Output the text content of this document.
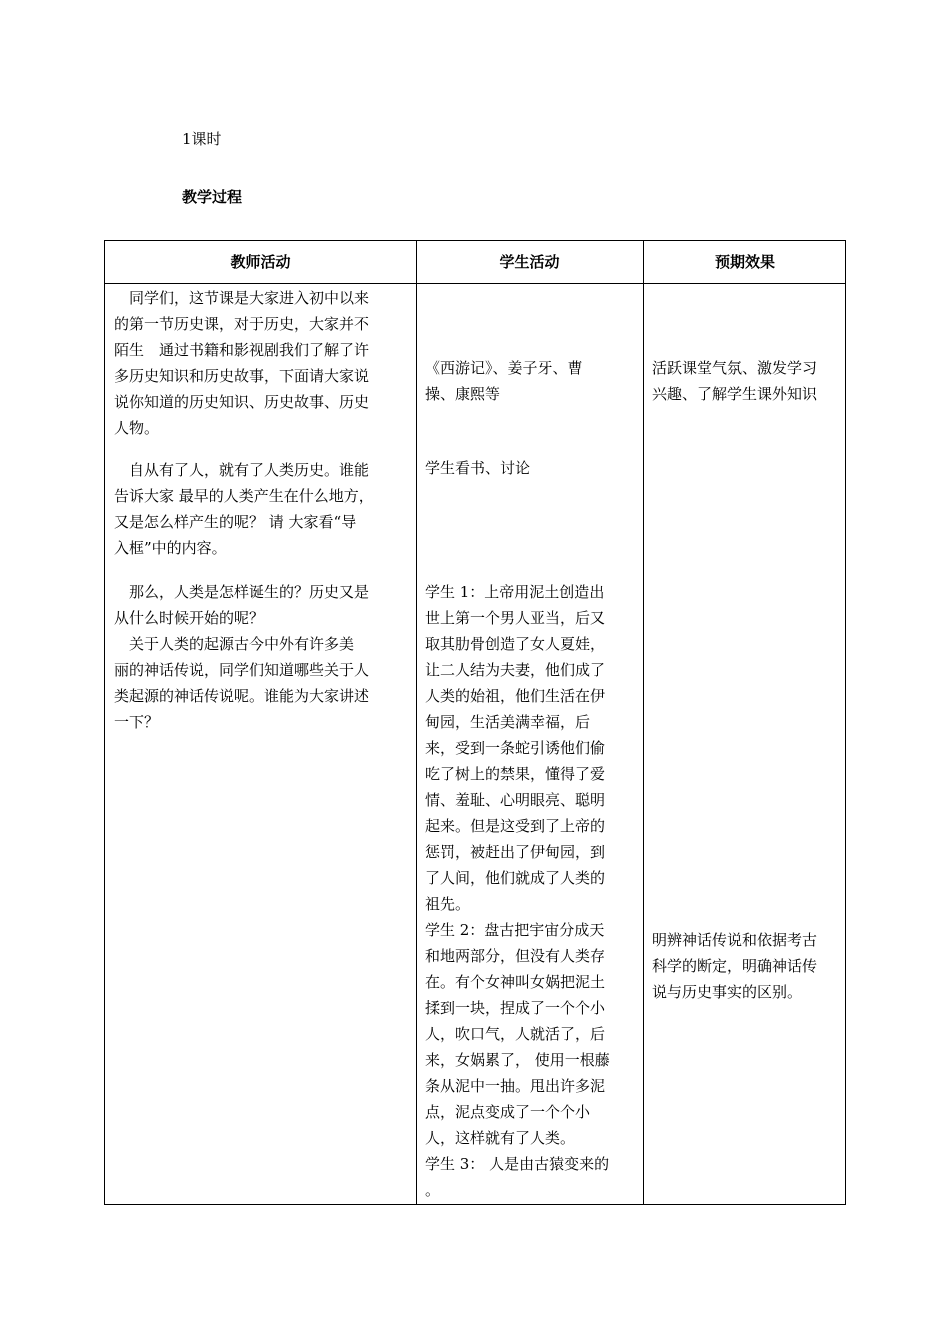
1课时
教学过程
教师活动	学生活动	预期效果
　同学们，这节课是大家进入初中以来
的第一节历史课，对于历史，大家并不
陌生　通过书籍和影视剧我们了解了许
多历史知识和历史故事，下面请大家说
说你知道的历史知识、历史故事、历史
人物。
　自从有了人，就有了人类历史。谁能
告诉大家 最早的人类产生在什么地方，
又是怎么样产生的呢？ 请 大家看“导
入框”中的内容。
　那么，人类是怎样诞生的？历史又是
从什么时候开始的呢？
　关于人类的起源古今中外有许多美
丽的神话传说，同学们知道哪些关于人
类起源的神话传说呢。谁能为大家讲述
一下？
《西游记》、姜子牙、曹
操、康熙等
学生看书、讨论
学生 1：上帝用泥土创造出
世上第一个男人亚当，后又
取其肋骨创造了女人夏娃，
让二人结为夫妻，他们成了
人类的始祖，他们生活在伊
甸园，生活美满幸福，后
来，受到一条蛇引诱他们偷
吃了树上的禁果，懂得了爱
情、羞耻、心明眼亮、聪明
起来。但是这受到了上帝的
惩罚，被赶出了伊甸园，到
了人间，他们就成了人类的
祖先。
学生 2：盘古把宇宙分成天
和地两部分，但没有人类存
在。有个女神叫女娲把泥土
揉到一块，捏成了一个个小
人，吹口气，人就活了，后
来，女娲累了， 使用一根藤
条从泥中一抽。甩出许多泥
点，泥点变成了一个个小
人，这样就有了人类。
学生 3： 人是由古猿变来的
。
活跃课堂气氛、激发学习
兴趣、了解学生课外知识
明辨神话传说和依据考古
科学的断定，明确神话传
说与历史事实的区别。
